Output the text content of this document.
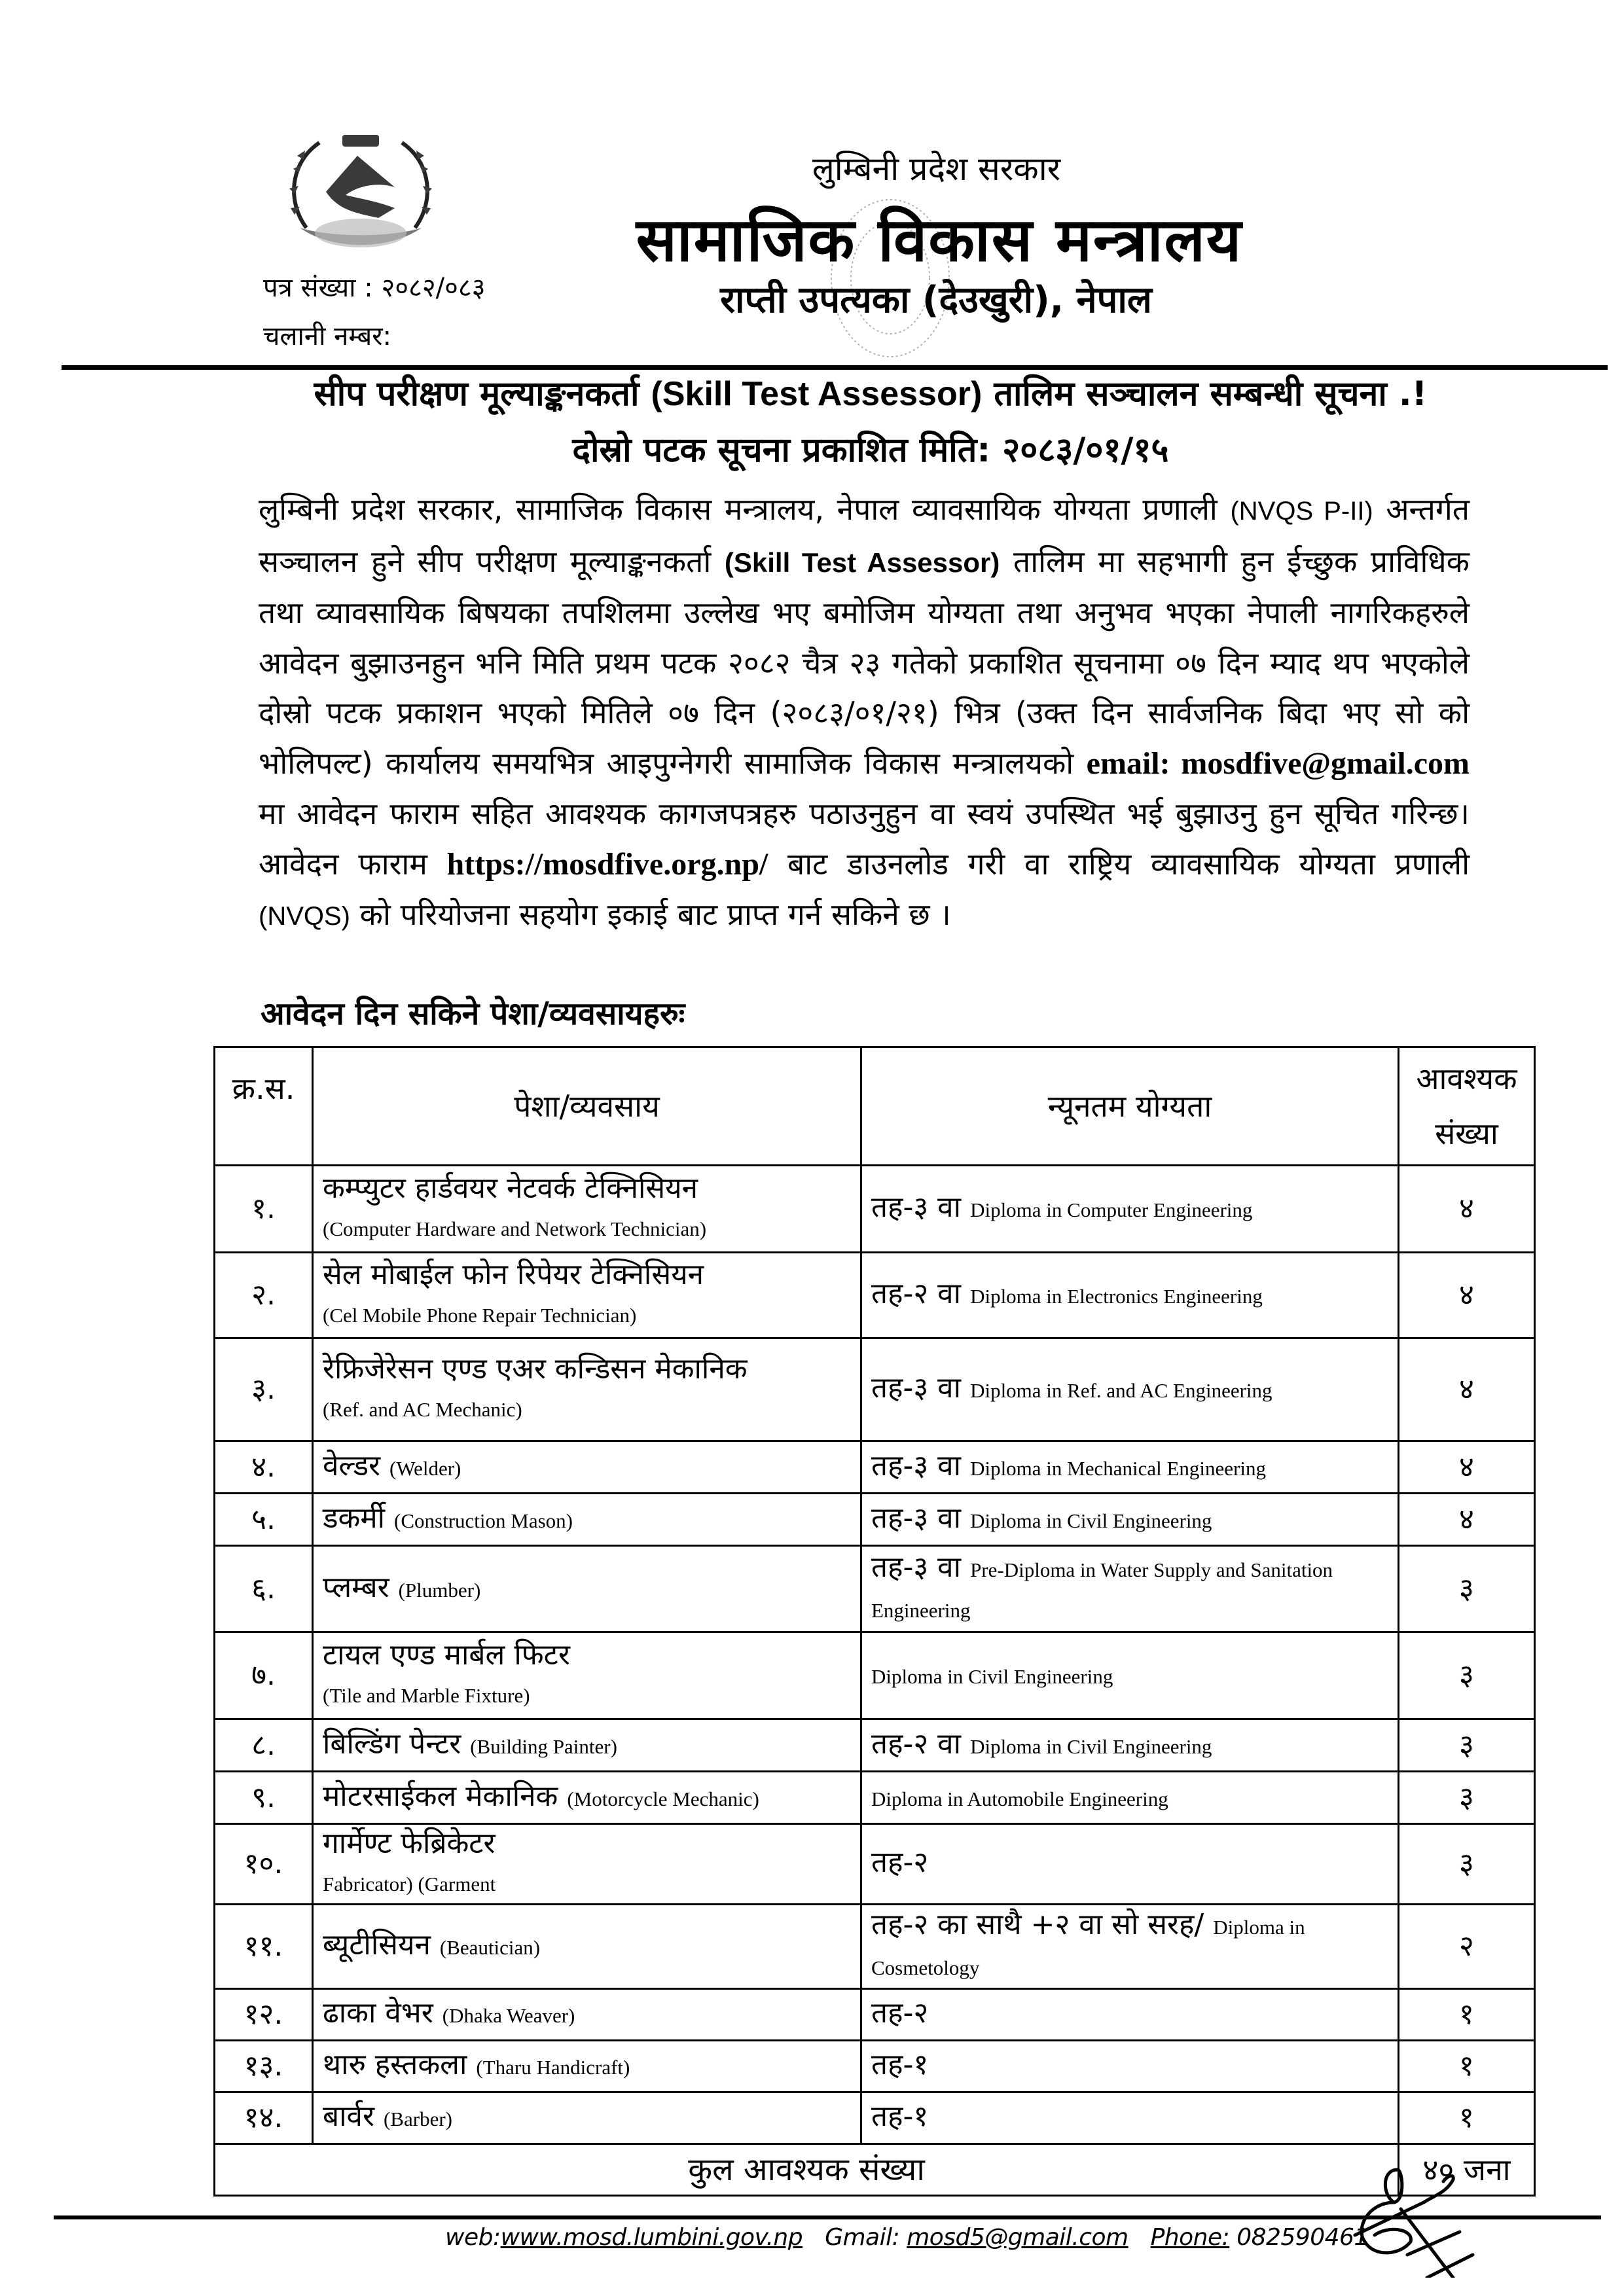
लुम्बिनी प्रदेश सरकार
सामाजिक विकास मन्त्रालय
राप्ती उपत्यका (देउखुरी), नेपाल
पत्र संख्या : २०८२/०८३
चलानी नम्बर:
सीप परीक्षण मूल्याङ्कनकर्ता (Skill Test Assessor) तालिम सञ्चालन सम्बन्धी सूचना .!
दोस्रो पटक सूचना प्रकाशित मिति: २०८३/०१/१५
लुम्बिनी प्रदेश सरकार, सामाजिक विकास मन्त्रालय, नेपाल व्यावसायिक योग्यता प्रणाली (NVQS P-II) अन्तर्गत सञ्चालन हुने सीप परीक्षण मूल्याङ्कनकर्ता (Skill Test Assessor) तालिम मा सहभागी हुन ईच्छुक प्राविधिक तथा व्यावसायिक बिषयका तपशिलमा उल्लेख भए बमोजिम योग्यता तथा अनुभव भएका नेपाली नागरिकहरुले आवेदन बुझाउनहुन भनि मिति प्रथम पटक २०८२ चैत्र २३ गतेको प्रकाशित सूचनामा ०७ दिन म्याद थप भएकोले दोस्रो पटक प्रकाशन भएको मितिले ०७ दिन (२०८३/०१/२१) भित्र (उक्त दिन सार्वजनिक बिदा भए सो को भोलिपल्ट) कार्यालय समयभित्र आइपुग्नेगरी सामाजिक विकास मन्त्रालयको email: mosdfive@gmail.com मा आवेदन फाराम सहित आवश्यक कागजपत्रहरु पठाउनुहुन वा स्वयं उपस्थित भई बुझाउनु हुन सूचित गरिन्छ। आवेदन फाराम https://mosdfive.org.np/ बाट डाउनलोड गरी वा राष्ट्रिय व्यावसायिक योग्यता प्रणाली (NVQS) को परियोजना सहयोग इकाई बाट प्राप्त गर्न सकिने छ ।
आवेदन दिन सकिने पेशा/व्यवसायहरुः
क्र.स.	पेशा/व्यवसाय	न्यूनतम योग्यता	आवश्यक
संख्या

१.	कम्प्युटर हार्डवयर नेटवर्क टेक्निसियन
(Computer Hardware and Network Technician)	तह-३ वा Diploma in Computer Engineering	४
२.	सेल मोबाईल फोन रिपेयर टेक्निसियन
(Cel Mobile Phone Repair Technician)	तह-२ वा Diploma in Electronics Engineering	४
३.	रेफ्रिजेरेसन एण्ड एअर कन्डिसन मेकानिक
(Ref. and AC Mechanic)	तह-३ वा Diploma in Ref. and AC Engineering	४
४.	वेल्डर (Welder)	तह-३ वा Diploma in Mechanical Engineering	४
५.	डकर्मी (Construction Mason)	तह-३ वा Diploma in Civil Engineering	४
६.	प्लम्बर (Plumber)	तह-३ वा Pre-Diploma in Water Supply and Sanitation Engineering	३
७.	टायल एण्ड मार्बल फिटर
(Tile and Marble Fixture)	Diploma in Civil Engineering	३
८.	बिल्डिंग पेन्टर (Building Painter)	तह-२ वा Diploma in Civil Engineering	३
९.	मोटरसाईकल मेकानिक (Motorcycle Mechanic)	Diploma in Automobile Engineering	३
१०.	गार्मेण्ट फेब्रिकेटर
Fabricator) (Garment	तह-२	३
११.	ब्यूटीसियन (Beautician)	तह-२ का साथै +२ वा सो सरह/ Diploma in Cosmetology	२
१२.	ढाका वेभर (Dhaka Weaver)	तह-२	१
१३.	थारु हस्तकला (Tharu Handicraft)	तह-१	१
१४.	बार्वर (Barber)	तह-१	१
कुल आवश्यक संख्या			४० जना
web:www.mosd.lumbini.gov.np Gmail: mosd5@gmail.com Phone: 082590461
